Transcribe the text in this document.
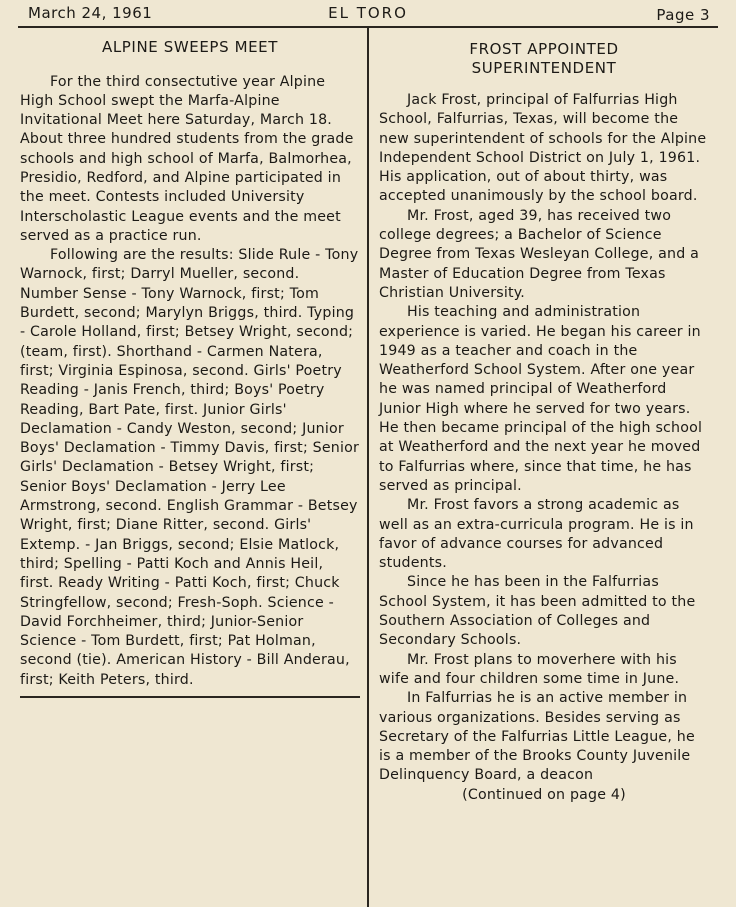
March 24, 1961	EL TORO	Page 3
ALPINE SWEEPS MEET

For the third consectutive year Alpine High School swept the Marfa-Alpine Invitational Meet here Saturday, March 18. About three hundred students from the grade schools and high school of Marfa, Balmorhea, Presidio, Redford, and Alpine participated in the meet. Contests included University Interscholastic League events and the meet served as a practice run.

Following are the results: Slide Rule - Tony Warnock, first; Darryl Mueller, second. Number Sense - Tony Warnock, first; Tom Burdett, second; Marylyn Briggs, third. Typing - Carole Holland, first; Betsey Wright, second; (team, first). Shorthand - Carmen Natera, first; Virginia Espinosa, second. Girls' Poetry Reading - Janis French, third; Boys' Poetry Reading, Bart Pate, first. Junior Girls' Declamation - Candy Weston, second; Junior Boys' Declamation - Timmy Davis, first; Senior Girls' Declamation - Betsey Wright, first; Senior Boys' Declamation - Jerry Lee Armstrong, second. English Grammar - Betsey Wright, first; Diane Ritter, second. Girls' Extemp. - Jan Briggs, second; Elsie Matlock, third; Spelling - Patti Koch and Annis Heil, first. Ready Writing - Patti Koch, first; Chuck Stringfellow, second; Fresh-Soph. Science - David Forchheimer, third; Junior-Senior Science - Tom Burdett, first; Pat Holman, second (tie). American History - Bill Anderau, first; Keith Peters, third.

FROST APPOINTED
SUPERINTENDENT

Jack Frost, principal of Falfurrias High School, Falfurrias, Texas, will become the new superintendent of schools for the Alpine Independent School District on July 1, 1961. His application, out of about thirty, was accepted unanimously by the school board.

Mr. Frost, aged 39, has received two college degrees; a Bachelor of Science Degree from Texas Wesleyan College, and a Master of Education Degree from Texas Christian University.

His teaching and administration experience is varied. He began his career in 1949 as a teacher and coach in the Weatherford School System. After one year he was named principal of Weatherford Junior High where he served for two years. He then became principal of the high school at Weatherford and the next year he moved to Falfurrias where, since that time, he has served as principal.

Mr. Frost favors a strong academic as well as an extra-curricula program. He is in favor of advance courses for advanced students.

Since he has been in the Falfurrias School System, it has been admitted to the Southern Association of Colleges and Secondary Schools.

Mr. Frost plans to moverhere with his wife and four children some time in June.

In Falfurrias he is an active member in various organizations. Besides serving as Secretary of the Falfurrias Little League, he is a member of the Brooks County Juvenile Delinquency Board, a deacon

(Continued on page 4)
